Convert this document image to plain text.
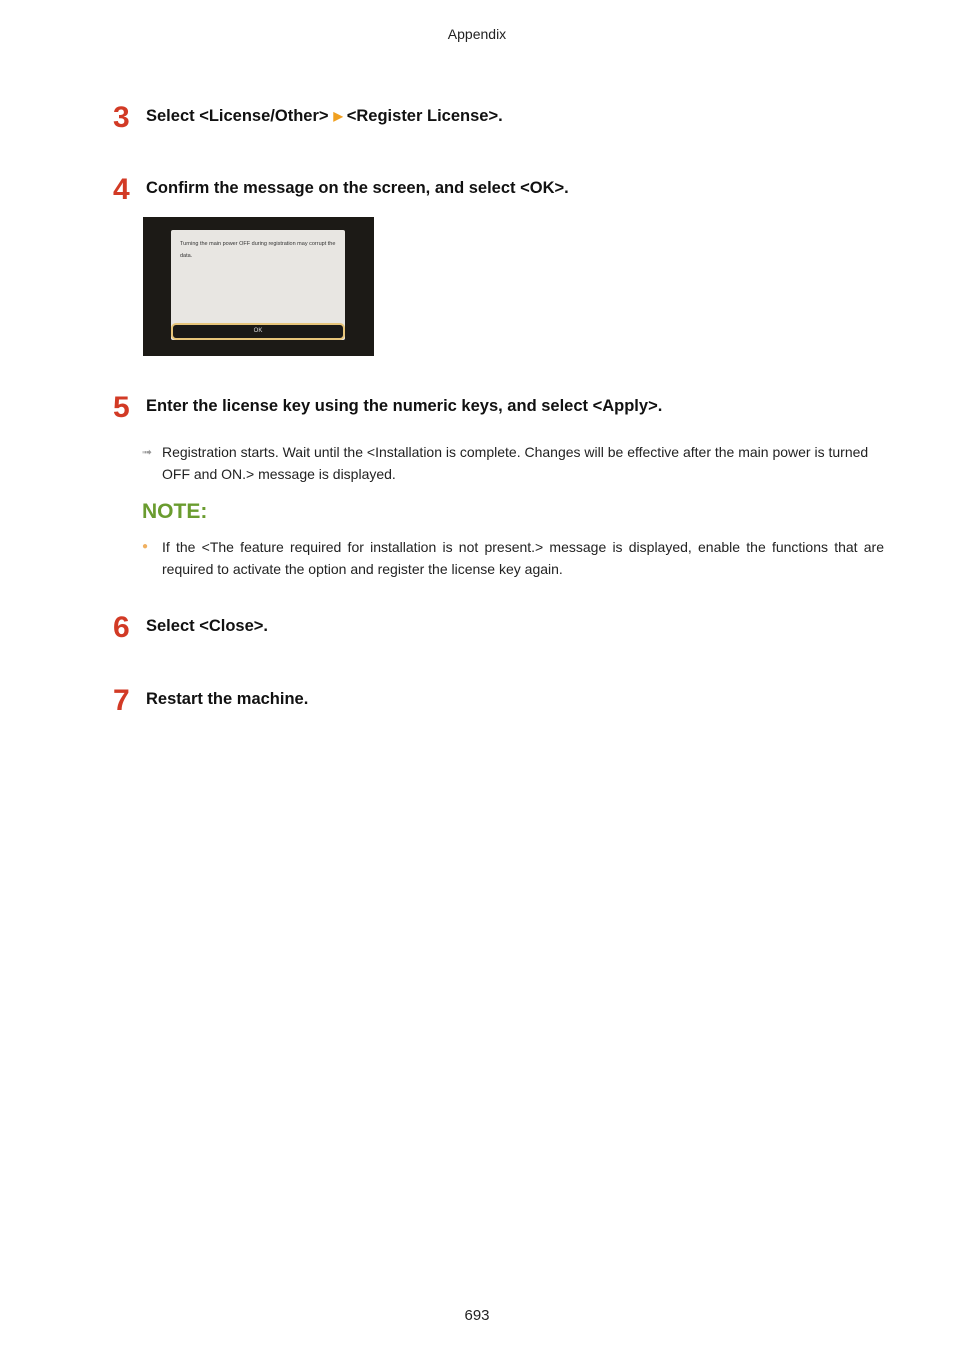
Appendix
3 Select <License/Other> ▶ <Register License>.
4 Confirm the message on the screen, and select <OK>.
Turning the main power OFF during registration may corrupt the data.
OK
5 Enter the license key using the numeric keys, and select <Apply>.
➟ Registration starts. Wait until the <Installation is complete. Changes will be effective after the main power is turned OFF and ON.> message is displayed.
NOTE:
● If the <The feature required for installation is not present.> message is displayed, enable the functions that are required to activate the option and register the license key again.
6 Select <Close>.
7 Restart the machine.
693
